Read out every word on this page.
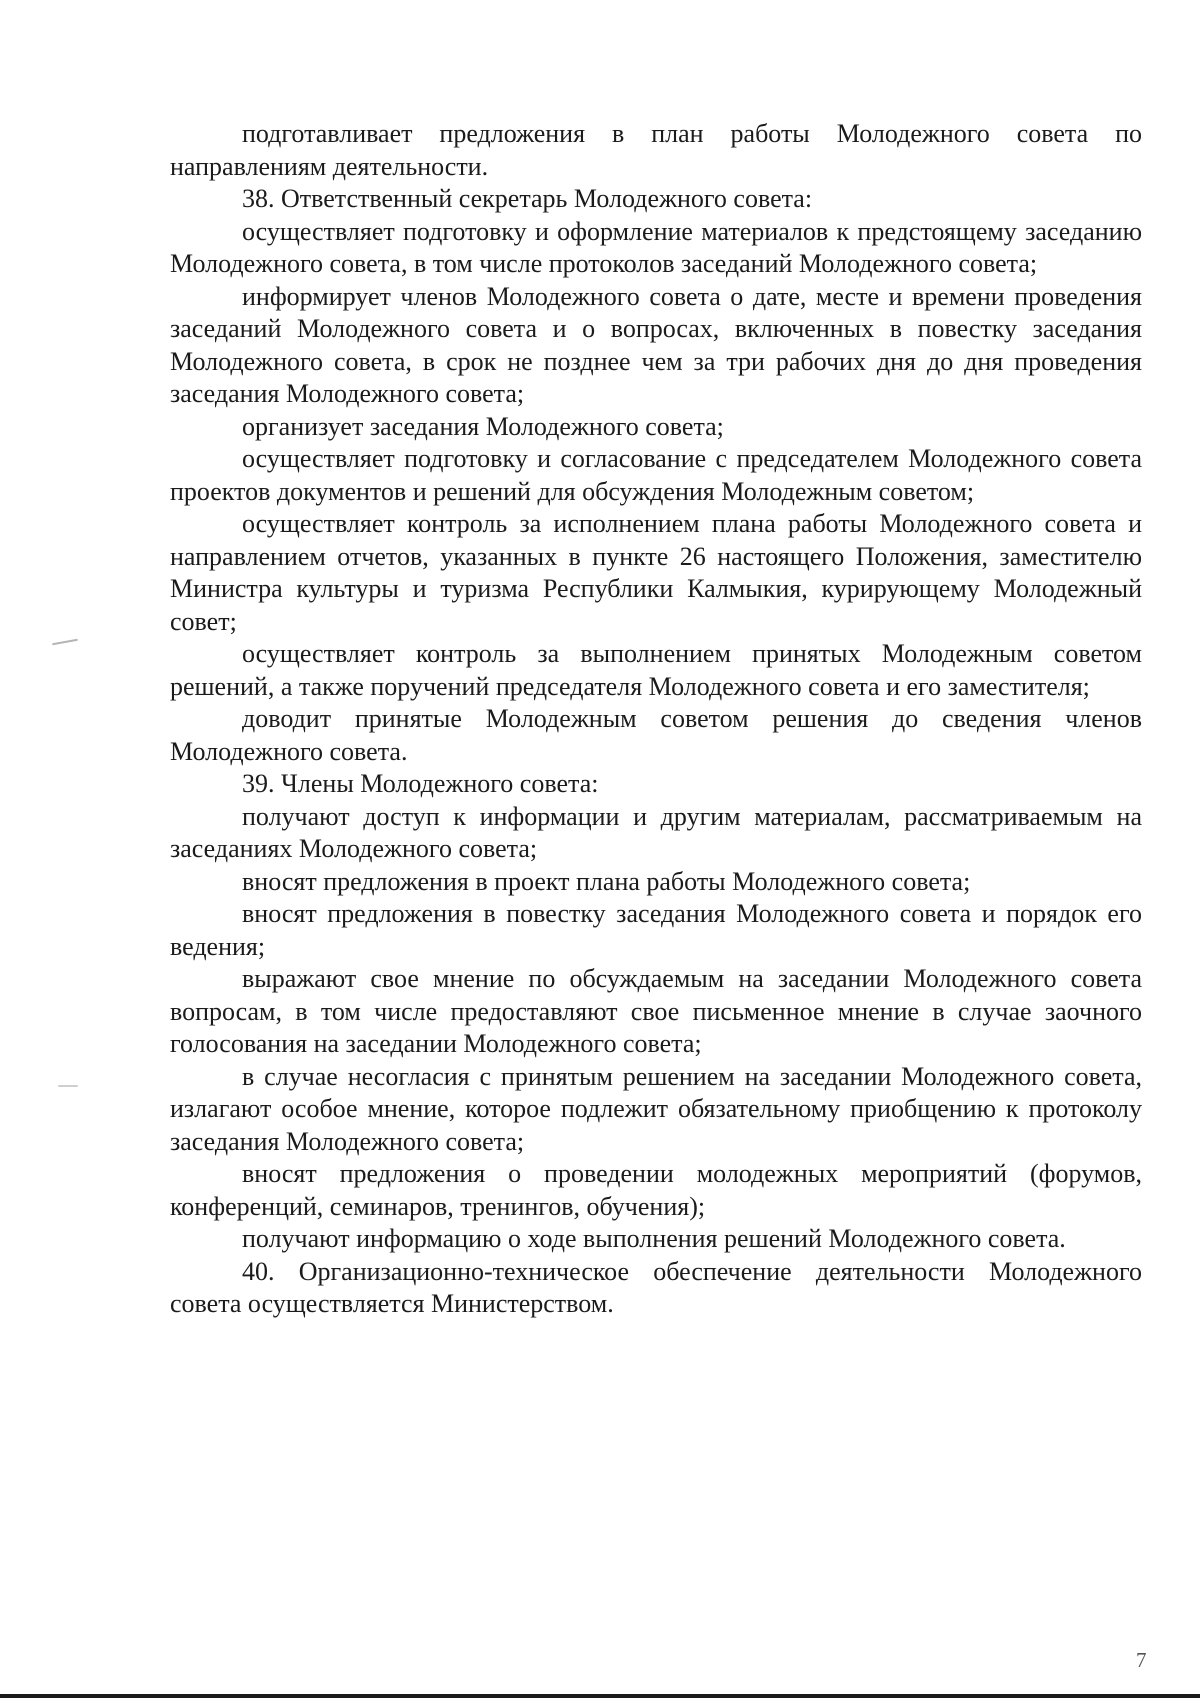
подготавливает предложения в план работы Молодежного совета по направлениям деятельности.

38. Ответственный секретарь Молодежного совета:

осуществляет подготовку и оформление материалов к предстоящему заседанию Молодежного совета, в том числе протоколов заседаний Молодежного совета;

информирует членов Молодежного совета о дате, месте и времени проведения заседаний Молодежного совета и о вопросах, включенных в повестку заседания Молодежного совета, в срок не позднее чем за три рабочих дня до дня проведения заседания Молодежного совета;

организует заседания Молодежного совета;

осуществляет подготовку и согласование с председателем Молодежного совета проектов документов и решений для обсуждения Молодежным советом;

осуществляет контроль за исполнением плана работы Молодежного совета и направлением отчетов, указанных в пункте 26 настоящего Положения, заместителю Министра культуры и туризма Республики Калмыкия, курирующему Молодежный совет;

осуществляет контроль за выполнением принятых Молодежным советом решений, а также поручений председателя Молодежного совета и его заместителя;

доводит принятые Молодежным советом решения до сведения членов Молодежного совета.

39. Члены Молодежного совета:

получают доступ к информации и другим материалам, рассматриваемым на заседаниях Молодежного совета;

вносят предложения в проект плана работы Молодежного совета;

вносят предложения в повестку заседания Молодежного совета и порядок его ведения;

выражают свое мнение по обсуждаемым на заседании Молодежного совета вопросам, в том числе предоставляют свое письменное мнение в случае заочного голосования на заседании Молодежного совета;

в случае несогласия с принятым решением на заседании Молодежного совета, излагают особое мнение, которое подлежит обязательному приобщению к протоколу заседания Молодежного совета;

вносят предложения о проведении молодежных мероприятий (форумов, конференций, семинаров, тренингов, обучения);

получают информацию о ходе выполнения решений Молодежного совета.

40. Организационно-техническое обеспечение деятельности Молодежного совета осуществляется Министерством.

7
